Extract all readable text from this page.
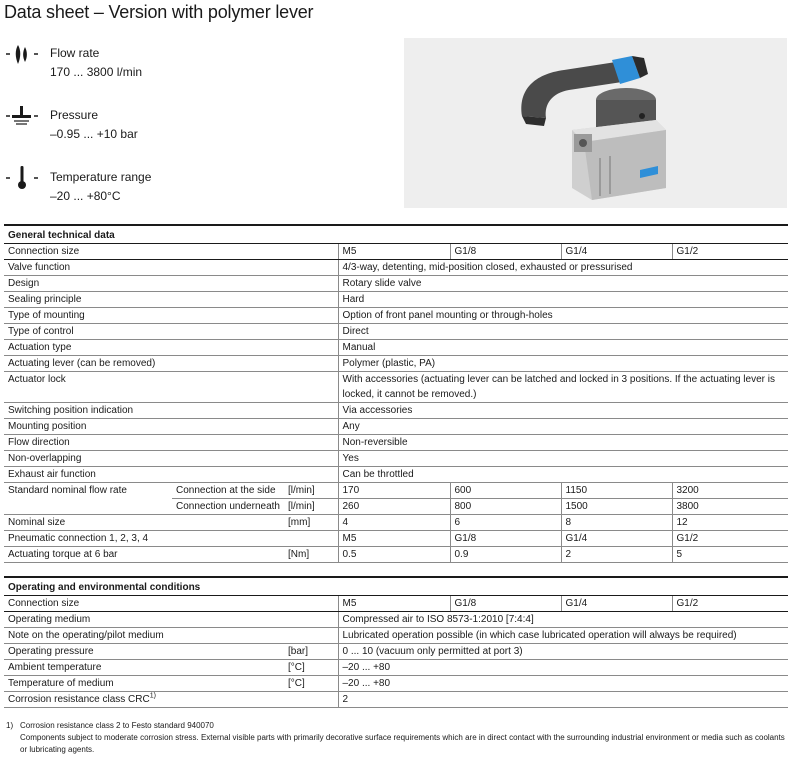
Data sheet – Version with polymer lever
Flow rate
170 ... 3800 l/min
Pressure
–0.95 ... +10 bar
Temperature range
–20 ... +80°C
General technical data						
Connection size			M5	G1/8	G1/4	G1/2
Valve function			4/3-way, detenting, mid-position closed, exhausted or pressurised			
Design			Rotary slide valve			
Sealing principle			Hard			
Type of mounting			Option of front panel mounting or through-holes			
Type of control			Direct			
Actuation type			Manual			
Actuating lever (can be removed)			Polymer (plastic, PA)			
Actuator lock			With accessories (actuating lever can be latched and locked in 3 positions. If the actuating lever is locked, it cannot be removed.)			
Switching position indication			Via accessories			
Mounting position			Any			
Flow direction			Non-reversible			
Non-overlapping			Yes			
Exhaust air function			Can be throttled			
Standard nominal flow rate	Connection at the side	[l/min]	170	600	1150	3200
	Connection underneath	[l/min]	260	800	1500	3800
Nominal size		[mm]	4	6	8	12
Pneumatic connection 1, 2, 3, 4			M5	G1/8	G1/4	G1/2
Actuating torque at 6 bar		[Nm]	0.5	0.9	2	5
Operating and environmental conditions					
Connection size		M5	G1/8	G1/4	G1/2
Operating medium		Compressed air to ISO 8573-1:2010 [7:4:4]			
Note on the operating/pilot medium		Lubricated operation possible (in which case lubricated operation will always be required)			
Operating pressure	[bar]	0 ... 10 (vacuum only permitted at port 3)			
Ambient temperature	[°C]	–20 ... +80			
Temperature of medium	[°C]	–20 ... +80			
Corrosion resistance class CRC$^{1)}$		2			
1) Corrosion resistance class 2 to Festo standard 940070
Components subject to moderate corrosion stress. External visible parts with primarily decorative surface requirements which are in direct contact with the surrounding industrial environment or media such as coolants or lubricating agents.
